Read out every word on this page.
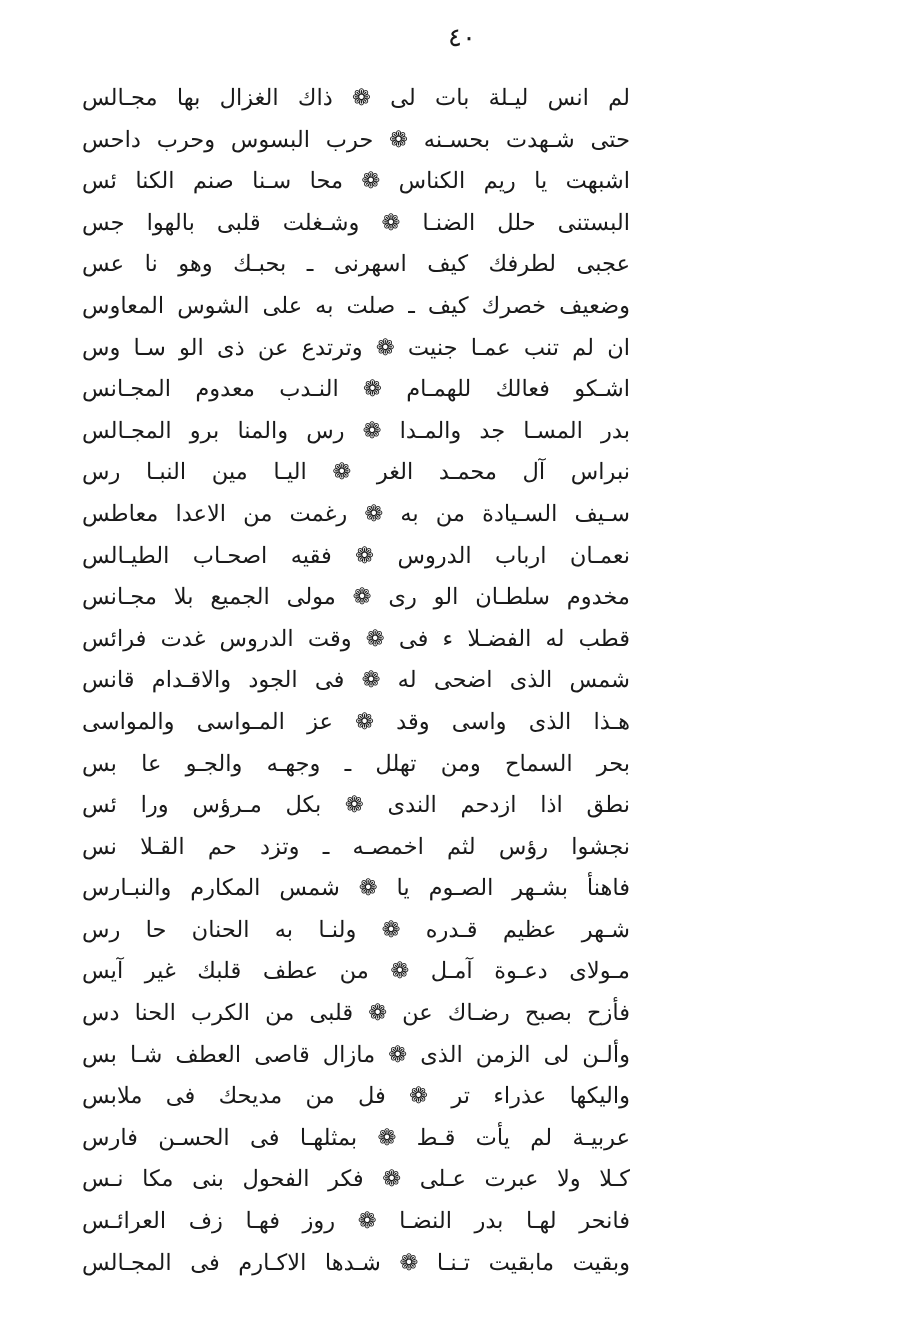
٤٠
لم انس ليـلة بات لى ❁ ذاك الغزال بها مجـالس
حتى شـهدت بحسـنه ❁ حرب البسوس وحرب داحس
اشبهت يا ريم الكناس ❁ محا سـنا صنم الكنا ئس
البستنى حلل الضنـا ❁ وشـغلت قلبى بالهوا جس
عجبى لطرفك كيف اسهرنى ـ بحبـك وهو نا عس
وضعيف خصرك كيف ـ صلت به على الشوس المعاوس
ان لم تنب عمـا جنيت ❁ وترتدع عن ذى الو سـا وس
اشـكو فعالك للهمـام ❁ النـدب معدوم المجـانس
بدر المسـا جد والمـدا ❁ رس والمنا برو المجـالس
نبراس آل محمـد الغر ❁ اليـا مين النبـا رس
سـيف السـيادة من به ❁ رغمت من الاعدا معاطس
نعمـان ارباب الدروس ❁ فقيه اصحـاب الطيـالس
مخدوم سلطـان الو رى ❁ مولى الجميع بلا مجـانس
قطب له الفضـلا ء فى ❁ وقت الدروس غدت فرائس
شمس الذى اضحى له ❁ فى الجود والاقـدام قانس
هـذا الذى واسى وقد ❁ عز المـواسى والمواسى
بحر السماح ومن تهلل ـ وجهـه والجـو عا بس
نطق اذا ازدحم الندى ❁ بكل مـرؤس ورا ئس
نجشوا رؤس لثم اخمصـه ـ وتزد حم القـلا نس
فاهنأ بشـهر الصـوم يا ❁ شمس المكارم والنبـارس
شـهر عظيم قـدره ❁ ولنـا به الحنان حا رس
مـولاى دعـوة آمـل ❁ من عطف قلبك غير آيس
فأزح بصبح رضـاك عن ❁ قلبى من الكرب الحنا دس
وألـن لى الزمن الذى ❁ مازال قاصى العطف شـا بس
واليكها عذراء تر ❁ فل من مديحك فى ملابس
عربيـة لم يأت قـط ❁ بمثلهـا فى الحسـن فارس
كـلا ولا عبرت عـلى ❁ فكر الفحول بنى مكا نـس
فانحر لهـا بدر النضـا ❁ روز فهـا زف العرائـس
وبقيت مابقيت تـنـا ❁ شـدها الاكـارم فى المجـالس
